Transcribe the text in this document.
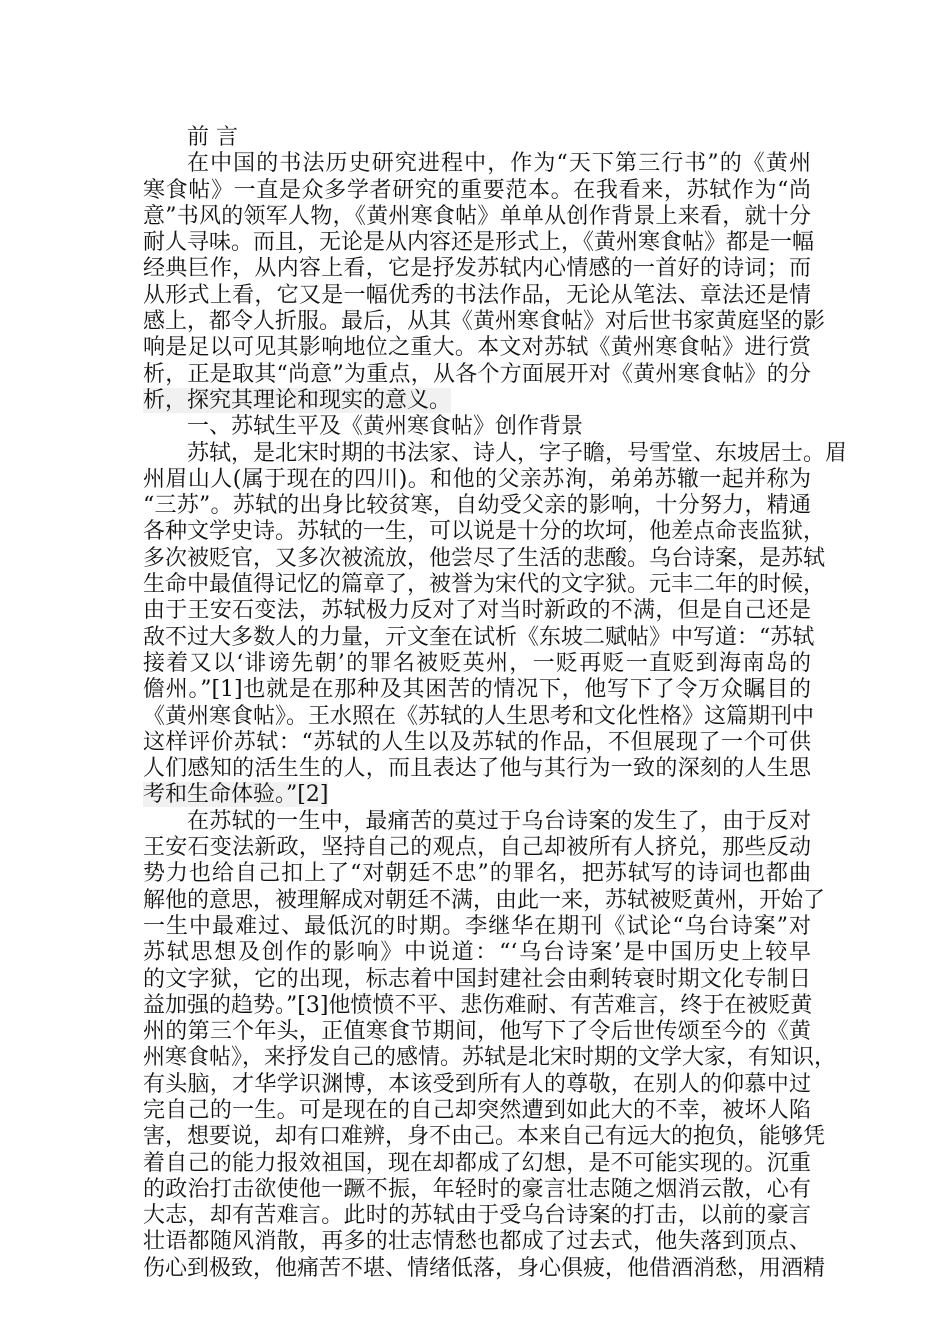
前 言
在中国的书法历史研究进程中，作为“天下第三行书”的《黄州
寒食帖》一直是众多学者研究的重要范本。在我看来，苏轼作为“尚
意”书风的领军人物，《黄州寒食帖》单单从创作背景上来看，就十分
耐人寻味。而且，无论是从内容还是形式上，《黄州寒食帖》都是一幅
经典巨作，从内容上看，它是抒发苏轼内心情感的一首好的诗词；而
从形式上看，它又是一幅优秀的书法作品，无论从笔法、章法还是情
感上，都令人折服。最后，从其《黄州寒食帖》对后世书家黄庭坚的影
响是足以可见其影响地位之重大。本文对苏轼《黄州寒食帖》进行赏
析，正是取其“尚意”为重点，从各个方面展开对《黄州寒食帖》的分
析，探究其理论和现实的意义。
一、苏轼生平及《黄州寒食帖》创作背景
苏轼，是北宋时期的书法家、诗人，字子瞻，号雪堂、东坡居士。眉
州眉山人(属于现在的四川)。和他的父亲苏洵，弟弟苏辙一起并称为
“三苏”。苏轼的出身比较贫寒，自幼受父亲的影响，十分努力，精通
各种文学史诗。苏轼的一生，可以说是十分的坎坷，他差点命丧监狱，
多次被贬官，又多次被流放，他尝尽了生活的悲酸。乌台诗案，是苏轼
生命中最值得记忆的篇章了，被誉为宋代的文字狱。元丰二年的时候，
由于王安石变法，苏轼极力反对了对当时新政的不满，但是自己还是
敌不过大多数人的力量，亓文奎在试析《东坡二赋帖》中写道：“苏轼
接着又以‘诽谤先朝’的罪名被贬英州，一贬再贬一直贬到海南岛的
儋州。”[1]也就是在那种及其困苦的情况下，他写下了令万众瞩目的
《黄州寒食帖》。王水照在《苏轼的人生思考和文化性格》这篇期刊中
这样评价苏轼：“苏轼的人生以及苏轼的作品，不但展现了一个可供
人们感知的活生生的人，而且表达了他与其行为一致的深刻的人生思
考和生命体验。”[2]
在苏轼的一生中，最痛苦的莫过于乌台诗案的发生了，由于反对
王安石变法新政，坚持自己的观点，自己却被所有人挤兑，那些反动
势力也给自己扣上了“对朝廷不忠”的罪名，把苏轼写的诗词也都曲
解他的意思，被理解成对朝廷不满，由此一来，苏轼被贬黄州，开始了
一生中最难过、最低沉的时期。李继华在期刊《试论“乌台诗案”对
苏轼思想及创作的影响》中说道：“‘乌台诗案’是中国历史上较早
的文字狱，它的出现，标志着中国封建社会由剩转衰时期文化专制日
益加强的趋势。”[3]他愤愤不平、悲伤难耐、有苦难言，终于在被贬黄
州的第三个年头，正值寒食节期间，他写下了令后世传颂至今的《黄
州寒食帖》，来抒发自己的感情。苏轼是北宋时期的文学大家，有知识，
有头脑，才华学识渊博，本该受到所有人的尊敬，在别人的仰慕中过
完自己的一生。可是现在的自己却突然遭到如此大的不幸，被坏人陷
害，想要说，却有口难辨，身不由己。本来自己有远大的抱负，能够凭
着自己的能力报效祖国，现在却都成了幻想，是不可能实现的。沉重
的政治打击欲使他一蹶不振，年轻时的豪言壮志随之烟消云散，心有
大志，却有苦难言。此时的苏轼由于受乌台诗案的打击，以前的豪言
壮语都随风消散，再多的壮志情愁也都成了过去式，他失落到顶点、
伤心到极致，他痛苦不堪、情绪低落，身心俱疲，他借酒消愁，用酒精
